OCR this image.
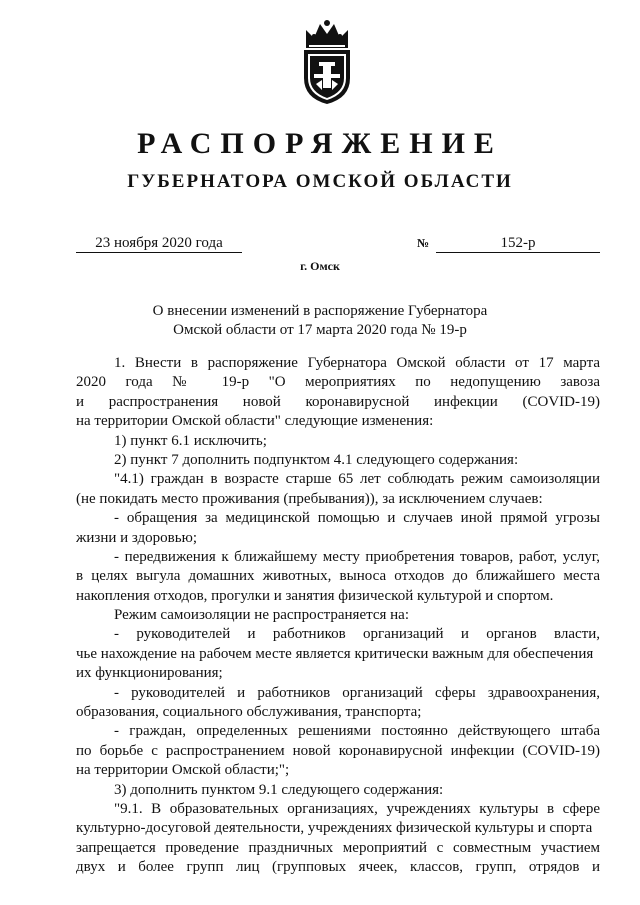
РАСПОРЯЖЕНИЕ
ГУБЕРНАТОРА ОМСКОЙ ОБЛАСТИ
23 ноября 2020 года	№	152-р
г. Омск
О внесении изменений в распоряжение Губернатора
Омской области от 17 марта 2020 года № 19-р
1. Внести в распоряжение Губернатора Омской области от 17 марта
2020 года № 19-р "О мероприятиях по недопущению завоза
и распространения новой коронавирусной инфекции (COVID-19)
на территории Омской области" следующие изменения:
1) пункт 6.1 исключить;
2) пункт 7 дополнить подпунктом 4.1 следующего содержания:
"4.1) граждан в возрасте старше 65 лет соблюдать режим самоизоляции
(не покидать место проживания (пребывания)), за исключением случаев:
- обращения за медицинской помощью и случаев иной прямой угрозы
жизни и здоровью;
- передвижения к ближайшему месту приобретения товаров, работ, услуг,
в целях выгула домашних животных, выноса отходов до ближайшего места
накопления отходов, прогулки и занятия физической культурой и спортом.
Режим самоизоляции не распространяется на:
- руководителей и работников организаций и органов власти,
чье нахождение на рабочем месте является критически важным для обеспечения
их функционирования;
- руководителей и работников организаций сферы здравоохранения,
образования, социального обслуживания, транспорта;
- граждан, определенных решениями постоянно действующего штаба
по борьбе с распространением новой коронавирусной инфекции (COVID-19)
на территории Омской области;";
3) дополнить пунктом 9.1 следующего содержания:
"9.1. В образовательных организациях, учреждениях культуры в сфере
культурно-досуговой деятельности, учреждениях физической культуры и спорта
запрещается проведение праздничных мероприятий с совместным участием
двух и более групп лиц (групповых ячеек, классов, групп, отрядов и
